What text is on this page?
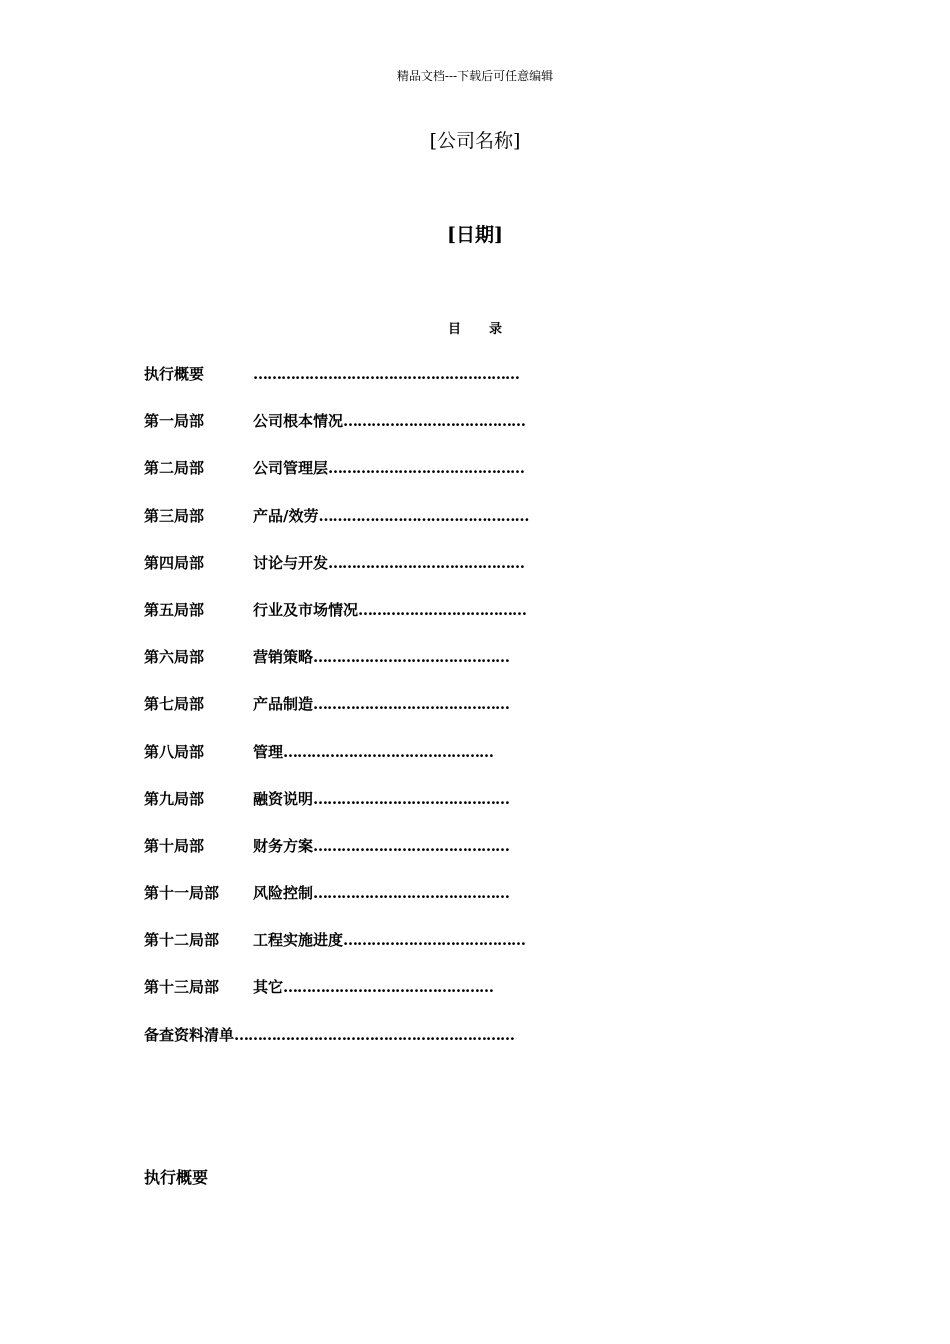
精品文档---下载后可任意编辑
[公司名称]
[日期]
目录
执行概要	…………………………………………………
第一局部	公司根本情况…………………………………
第二局部	公司管理层……………………………………
第三局部	产品/效劳………………………………………
第四局部	讨论与开发……………………………………
第五局部	行业及市场情况………………………………
第六局部	营销策略……………………………………
第七局部	产品制造……………………………………
第八局部	管理………………………………………
第九局部	融资说明……………………………………
第十局部	财务方案……………………………………
第十一局部 风险控制……………………………………
第十二局部 工程实施进度…………………………………
第十三局部 其它………………………………………
备查资料清单……………………………………………………
执行概要
